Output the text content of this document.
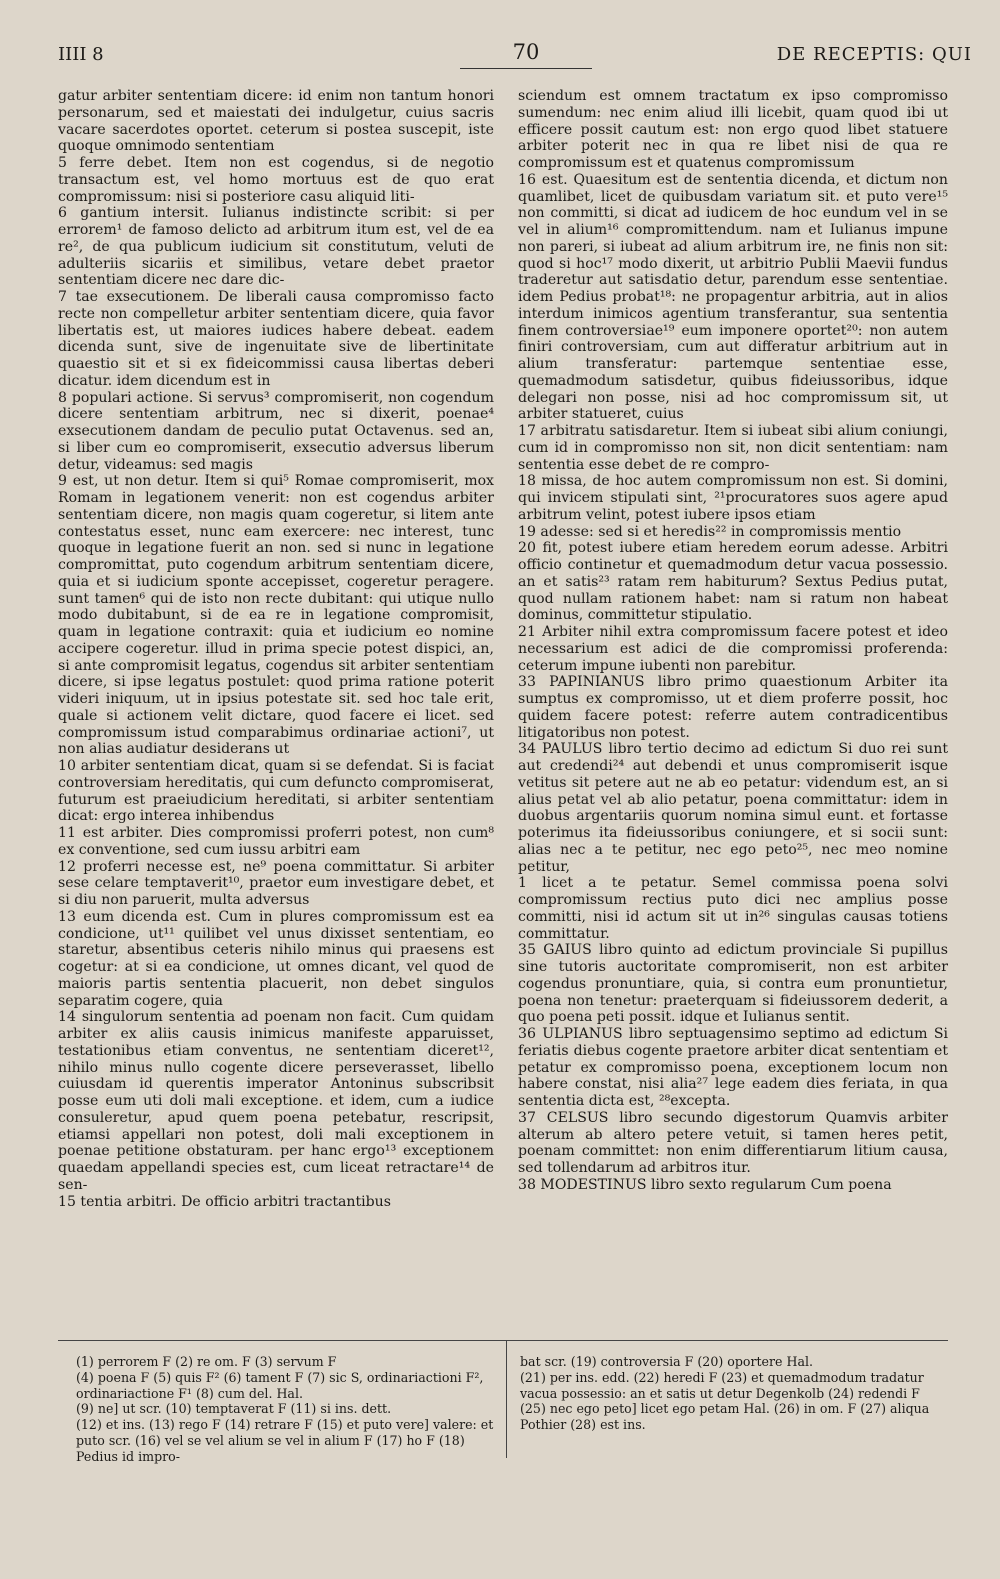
IIII 8	70	DE RECEPTIS: QUI

gatur arbiter sententiam dicere: id enim non tantum honori personarum, sed et maiestati dei indulgetur, cuius sacris vacare sacerdotes oportet. ceterum si postea suscepit, iste quoque omnimodo sententiam

5 ferre debet. Item non est cogendus, si de negotio transactum est, vel homo mortuus est de quo erat compromissum: nisi si posteriore casu aliquid liti-

6 gantium intersit. Iulianus indistincte scribit: si per errorem¹ de famoso delicto ad arbitrum itum est, vel de ea re², de qua publicum iudicium sit constitutum, veluti de adulteriis sicariis et similibus, vetare debet praetor sententiam dicere nec dare dic-

7 tae exsecutionem. De liberali causa compromisso facto recte non compelletur arbiter sententiam dicere, quia favor libertatis est, ut maiores iudices habere debeat. eadem dicenda sunt, sive de ingenuitate sive de libertinitate quaestio sit et si ex fideicommissi causa libertas deberi dicatur. idem dicendum est in

8 populari actione. Si servus³ compromiserit, non cogendum dicere sententiam arbitrum, nec si dixerit, poenae⁴ exsecutionem dandam de peculio putat Octavenus. sed an, si liber cum eo compromiserit, exsecutio adversus liberum detur, videamus: sed magis

9 est, ut non detur. Item si qui⁵ Romae compromiserit, mox Romam in legationem venerit: non est cogendus arbiter sententiam dicere, non magis quam cogeretur, si litem ante contestatus esset, nunc eam exercere: nec interest, tunc quoque in legatione fuerit an non. sed si nunc in legatione compromittat, puto cogendum arbitrum sententiam dicere, quia et si iudicium sponte accepisset, cogeretur peragere. sunt tamen⁶ qui de isto non recte dubitant: qui utique nullo modo dubitabunt, si de ea re in legatione compromisit, quam in legatione contraxit: quia et iudicium eo nomine accipere cogeretur. illud in prima specie potest dispici, an, si ante compromisit legatus, cogendus sit arbiter sententiam dicere, si ipse legatus postulet: quod prima ratione poterit videri iniquum, ut in ipsius potestate sit. sed hoc tale erit, quale si actionem velit dictare, quod facere ei licet. sed compromissum istud comparabimus ordinariae actioni⁷, ut non alias audiatur desiderans ut

10 arbiter sententiam dicat, quam si se defendat. Si is faciat controversiam hereditatis, qui cum defuncto compromiserat, futurum est praeiudicium hereditati, si arbiter sententiam dicat: ergo interea inhibendus

11 est arbiter. Dies compromissi proferri potest, non cum⁸ ex conventione, sed cum iussu arbitri eam

12 proferri necesse est, ne⁹ poena committatur. Si arbiter sese celare temptaverit¹⁰, praetor eum investigare debet, et si diu non paruerit, multa adversus

13 eum dicenda est. Cum in plures compromissum est ea condicione, ut¹¹ quilibet vel unus dixisset sententiam, eo staretur, absentibus ceteris nihilo minus qui praesens est cogetur: at si ea condicione, ut omnes dicant, vel quod de maioris partis sententia placuerit, non debet singulos separatim cogere, quia

14 singulorum sententia ad poenam non facit. Cum quidam arbiter ex aliis causis inimicus manifeste apparuisset, testationibus etiam conventus, ne sententiam diceret¹², nihilo minus nullo cogente dicere perseverasset, libello cuiusdam id querentis imperator Antoninus subscribsit posse eum uti doli mali exceptione. et idem, cum a iudice consuleretur, apud quem poena petebatur, rescripsit, etiamsi appellari non potest, doli mali exceptionem in poenae petitione obstaturam. per hanc ergo¹³ exceptionem quaedam appellandi species est, cum liceat retractare¹⁴ de sen-

15 tentia arbitri. De officio arbitri tractantibus

sciendum est omnem tractatum ex ipso compromisso sumendum: nec enim aliud illi licebit, quam quod ibi ut efficere possit cautum est: non ergo quod libet statuere arbiter poterit nec in qua re libet nisi de qua re compromissum est et quatenus compromissum

16 est. Quaesitum est de sententia dicenda, et dictum non quamlibet, licet de quibusdam variatum sit. et puto vere¹⁵ non committi, si dicat ad iudicem de hoc eundum vel in se vel in alium¹⁶ compromittendum. nam et Iulianus impune non pareri, si iubeat ad alium arbitrum ire, ne finis non sit: quod si hoc¹⁷ modo dixerit, ut arbitrio Publii Maevii fundus traderetur aut satisdatio detur, parendum esse sententiae. idem Pedius probat¹⁸: ne propagentur arbitria, aut in alios interdum inimicos agentium transferantur, sua sententia finem controversiae¹⁹ eum imponere oportet²⁰: non autem finiri controversiam, cum aut differatur arbitrium aut in alium transferatur: partemque sententiae esse, quemadmodum satisdetur, quibus fideiussoribus, idque delegari non posse, nisi ad hoc compromissum sit, ut arbiter statueret, cuius

17 arbitratu satisdaretur. Item si iubeat sibi alium coniungi, cum id in compromisso non sit, non dicit sententiam: nam sententia esse debet de re compro-

18 missa, de hoc autem compromissum non est. Si domini, qui invicem stipulati sint, ²¹procuratores suos agere apud arbitrum velint, potest iubere ipsos etiam

19 adesse: sed si et heredis²² in compromissis mentio

20 fit, potest iubere etiam heredem eorum adesse. Arbitri officio continetur et quemadmodum detur vacua possessio. an et satis²³ ratam rem habiturum? Sextus Pedius putat, quod nullam rationem habet: nam si ratum non habeat dominus, committetur stipulatio.

21 Arbiter nihil extra compromissum facere potest et ideo necessarium est adici de die compromissi proferenda: ceterum impune iubenti non parebitur.

33 PAPINIANUS libro primo quaestionum Arbiter ita sumptus ex compromisso, ut et diem proferre possit, hoc quidem facere potest: referre autem contradicentibus litigatoribus non potest.

34 PAULUS libro tertio decimo ad edictum Si duo rei sunt aut credendi²⁴ aut debendi et unus compromiserit isque vetitus sit petere aut ne ab eo petatur: videndum est, an si alius petat vel ab alio petatur, poena committatur: idem in duobus argentariis quorum nomina simul eunt. et fortasse poterimus ita fideiussoribus coniungere, et si socii sunt: alias nec a te petitur, nec ego peto²⁵, nec meo nomine petitur,

1 licet a te petatur. Semel commissa poena solvi compromissum rectius puto dici nec amplius posse committi, nisi id actum sit ut in²⁶ singulas causas totiens committatur.

35 GAIUS libro quinto ad edictum provinciale Si pupillus sine tutoris auctoritate compromiserit, non est arbiter cogendus pronuntiare, quia, si contra eum pronuntietur, poena non tenetur: praeterquam si fideiussorem dederit, a quo poena peti possit. idque et Iulianus sentit.

36 ULPIANUS libro septuagensimo septimo ad edictum Si feriatis diebus cogente praetore arbiter dicat sententiam et petatur ex compromisso poena, exceptionem locum non habere constat, nisi alia²⁷ lege eadem dies feriata, in qua sententia dicta est, ²⁸excepta.

37 CELSUS libro secundo digestorum Quamvis arbiter alterum ab altero petere vetuit, si tamen heres petit, poenam committet: non enim differentiarum litium causa, sed tollendarum ad arbitros itur.

38 MODESTINUS libro sexto regularum Cum poena

(1) perrorem F (2) re om. F (3) servum F

(4) poena F (5) quis F² (6) tament F (7) sic S, ordinariactioni F², ordinariactione F¹ (8) cum del. Hal.

(9) ne] ut scr. (10) temptaverat F (11) si ins. dett.

(12) et ins. (13) rego F (14) retrare F (15) et puto vere] valere: et puto scr. (16) vel se vel alium se vel in alium F (17) ho F (18) Pedius id impro-

bat scr. (19) controversia F (20) oportere Hal.

(21) per ins. edd. (22) heredi F (23) et quemadmodum tradatur vacua possessio: an et satis ut detur Degenkolb (24) redendi F (25) nec ego peto] licet ego petam Hal. (26) in om. F (27) aliqua Pothier (28) est ins.
